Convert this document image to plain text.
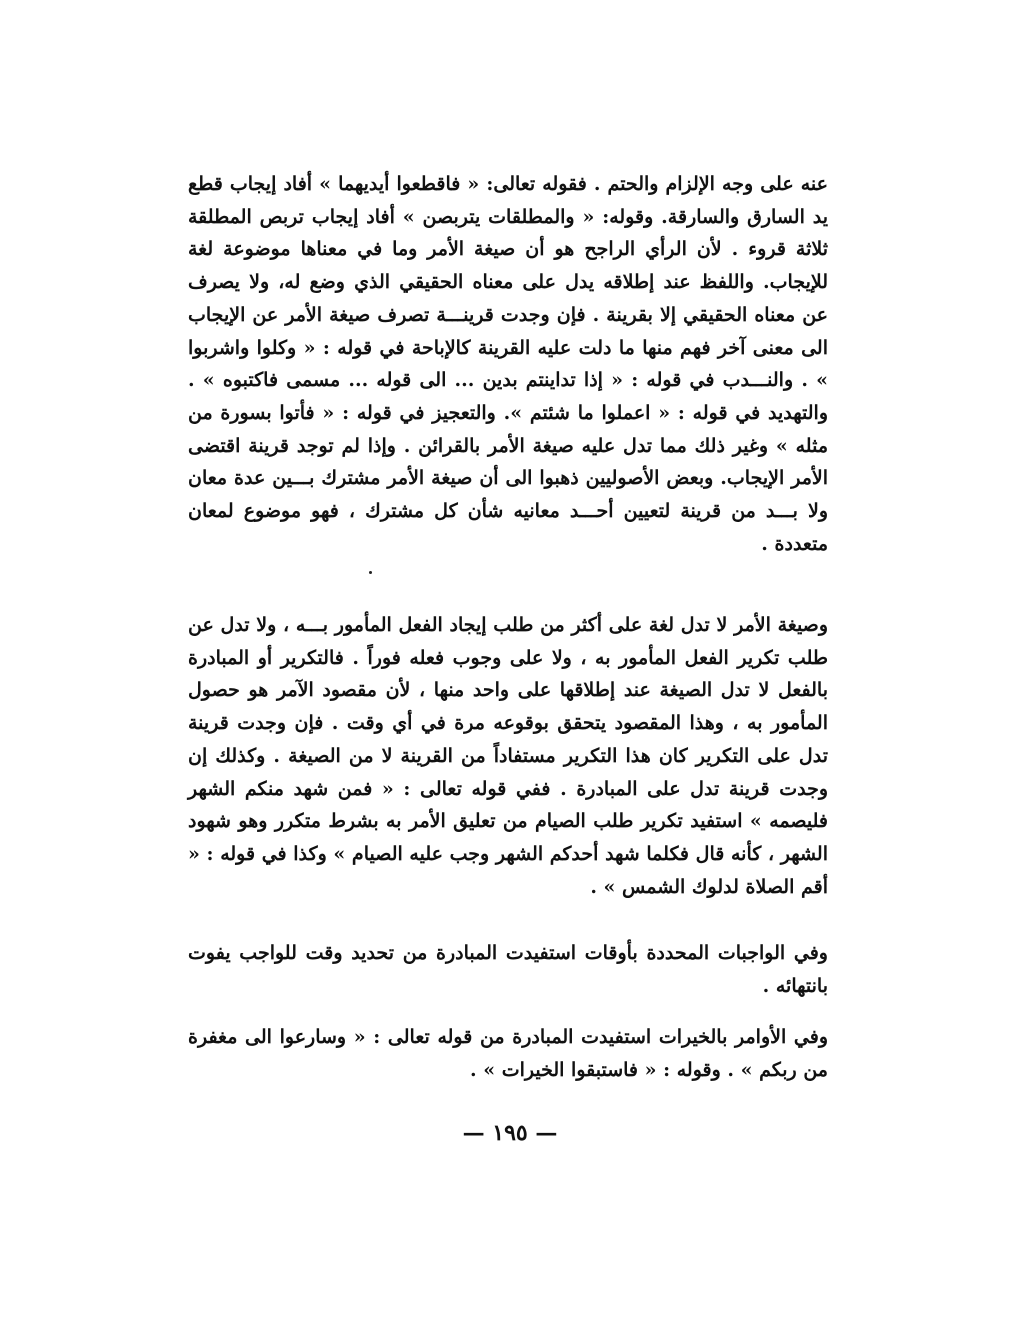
عنه على وجه الإلزام والحتم . فقوله تعالى: « فاقطعوا أيديهما » أفاد إيجاب قطع يد السارق والسارقة. وقوله: « والمطلقات يتربصن » أفاد إيجاب تربص المطلقة ثلاثة قروء . لأن الرأي الراجح هو أن صيغة الأمر وما في معناها موضوعة لغة للإيجاب. واللفظ عند إطلاقه يدل على معناه الحقيقي الذي وضع له، ولا يصرف عن معناه الحقيقي إلا بقرينة . فإن وجدت قرينـــة تصرف صيغة الأمر عن الإيجاب الى معنى آخر فهم منها ما دلت عليه القرينة كالإباحة في قوله : « وكلوا واشربوا » . والنـــدب في قوله : « إذا تداينتم بدين ... الى قوله ... مسمى فاكتبوه » . والتهديد في قوله : « اعملوا ما شئتم ». والتعجيز في قوله : « فأتوا بسورة من مثله » وغير ذلك مما تدل عليه صيغة الأمر بالقرائن . وإذا لم توجد قرينة اقتضى الأمر الإيجاب. وبعض الأصوليين ذهبوا الى أن صيغة الأمر مشترك بـــين عدة معان ولا بـــد من قرينة لتعيين أحـــد معانيه شأن كل مشترك ، فهو موضوع لمعان متعددة .

وصيغة الأمر لا تدل لغة على أكثر من طلب إيجاد الفعل المأمور بـــه ، ولا تدل عن طلب تكرير الفعل المأمور به ، ولا على وجوب فعله فوراً . فالتكرير أو المبادرة بالفعل لا تدل الصيغة عند إطلاقها على واحد منها ، لأن مقصود الآمر هو حصول المأمور به ، وهذا المقصود يتحقق بوقوعه مرة في أي وقت . فإن وجدت قرينة تدل على التكرير كان هذا التكرير مستفاداً من القرينة لا من الصيغة . وكذلك إن وجدت قرينة تدل على المبادرة . ففي قوله تعالى : « فمن شهد منكم الشهر فليصمه » استفيد تكرير طلب الصيام من تعليق الأمر به بشرط متكرر وهو شهود الشهر ، كأنه قال فكلما شهد أحدكم الشهر وجب عليه الصيام » وكذا في قوله : « أقم الصلاة لدلوك الشمس » .

وفي الواجبات المحددة بأوقات استفيدت المبادرة من تحديد وقت للواجب يفوت بانتهائه .

وفي الأوامر بالخيرات استفيدت المبادرة من قوله تعالى : « وسارعوا الى مغفرة من ربكم » . وقوله : « فاستبقوا الخيرات » .

— ١٩٥ —
